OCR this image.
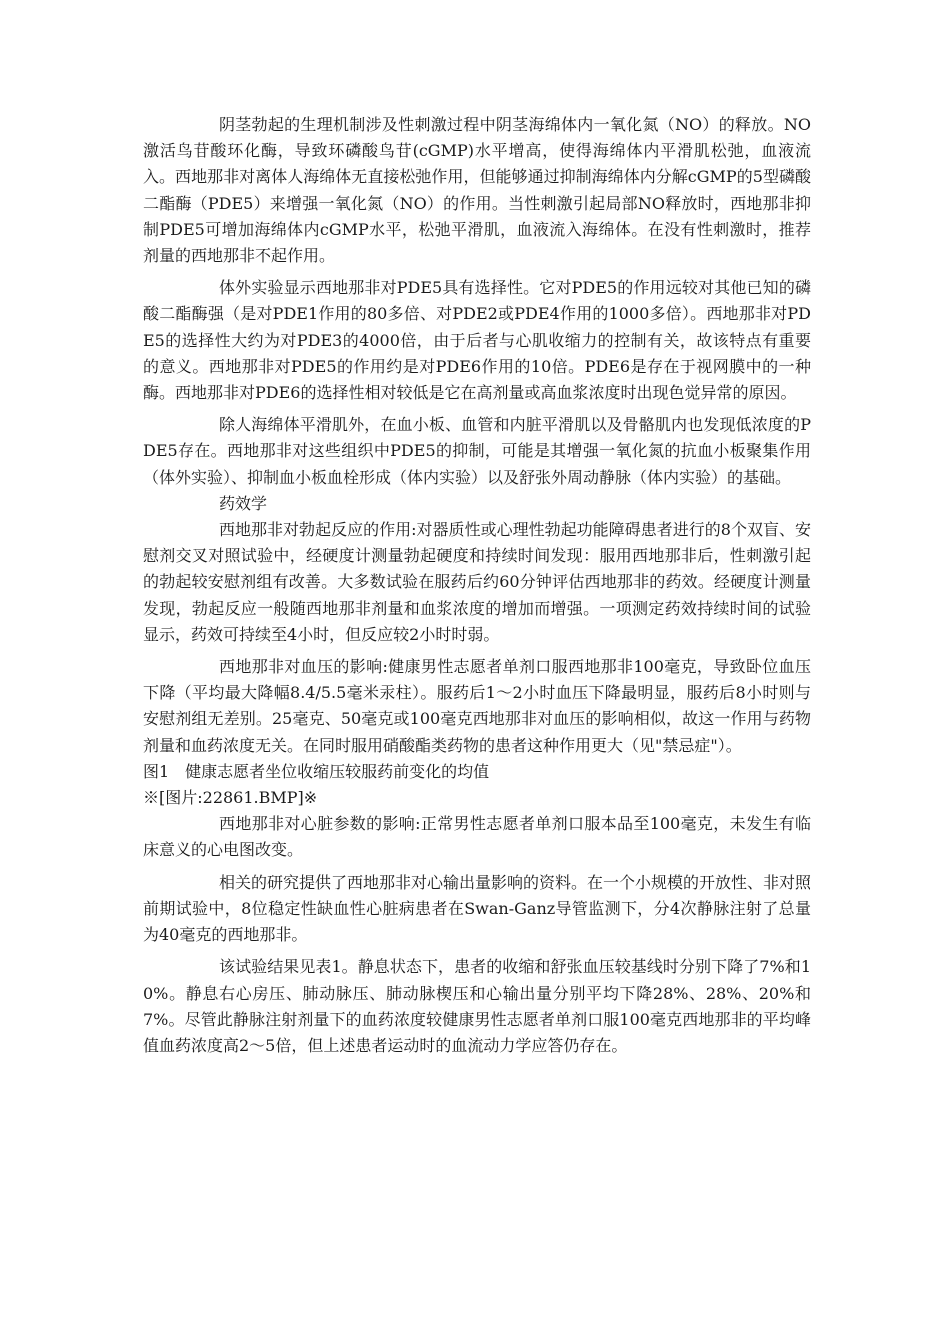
阴茎勃起的生理机制涉及性刺激过程中阴茎海绵体内一氧化氮（NO）的释放。NO激活鸟苷酸环化酶，导致环磷酸鸟苷(cGMP)水平增高，使得海绵体内平滑肌松弛，血液流入。西地那非对离体人海绵体无直接松弛作用，但能够通过抑制海绵体内分解cGMP的5型磷酸二酯酶（PDE5）来增强一氧化氮（NO）的作用。当性刺激引起局部NO释放时，西地那非抑制PDE5可增加海绵体内cGMP水平，松弛平滑肌，血液流入海绵体。在没有性刺激时，推荐剂量的西地那非不起作用。

体外实验显示西地那非对PDE5具有选择性。它对PDE5的作用远较对其他已知的磷酸二酯酶强（是对PDE1作用的80多倍、对PDE2或PDE4作用的1000多倍）。西地那非对PDE5的选择性大约为对PDE3的4000倍，由于后者与心肌收缩力的控制有关，故该特点有重要的意义。西地那非对PDE5的作用约是对PDE6作用的10倍。PDE6是存在于视网膜中的一种酶。西地那非对PDE6的选择性相对较低是它在高剂量或高血浆浓度时出现色觉异常的原因。

除人海绵体平滑肌外，在血小板、血管和内脏平滑肌以及骨骼肌内也发现低浓度的PDE5存在。西地那非对这些组织中PDE5的抑制，可能是其增强一氧化氮的抗血小板聚集作用（体外实验）、抑制血小板血栓形成（体内实验）以及舒张外周动静脉（体内实验）的基础。

药效学

西地那非对勃起反应的作用:对器质性或心理性勃起功能障碍患者进行的8个双盲、安慰剂交叉对照试验中，经硬度计测量勃起硬度和持续时间发现：服用西地那非后，性刺激引起的勃起较安慰剂组有改善。大多数试验在服药后约60分钟评估西地那非的药效。经硬度计测量发现，勃起反应一般随西地那非剂量和血浆浓度的增加而增强。一项测定药效持续时间的试验显示，药效可持续至4小时，但反应较2小时时弱。

西地那非对血压的影响:健康男性志愿者单剂口服西地那非100毫克，导致卧位血压下降（平均最大降幅8.4/5.5毫米汞柱）。服药后1～2小时血压下降最明显，服药后8小时则与安慰剂组无差别。25毫克、50毫克或100毫克西地那非对血压的影响相似，故这一作用与药物剂量和血药浓度无关。在同时服用硝酸酯类药物的患者这种作用更大（见"禁忌症"）。

图1　健康志愿者坐位收缩压较服药前变化的均值

※[图片:22861.BMP]※

西地那非对心脏参数的影响:正常男性志愿者单剂口服本品至100毫克，未发生有临床意义的心电图改变。

相关的研究提供了西地那非对心输出量影响的资料。在一个小规模的开放性、非对照前期试验中，8位稳定性缺血性心脏病患者在Swan-Ganz导管监测下，分4次静脉注射了总量为40毫克的西地那非。

该试验结果见表1。静息状态下，患者的收缩和舒张血压较基线时分别下降了7%和10%。静息右心房压、肺动脉压、肺动脉楔压和心输出量分别平均下降28%、28%、20%和7%。尽管此静脉注射剂量下的血药浓度较健康男性志愿者单剂口服100毫克西地那非的平均峰值血药浓度高2～5倍，但上述患者运动时的血流动力学应答仍存在。
